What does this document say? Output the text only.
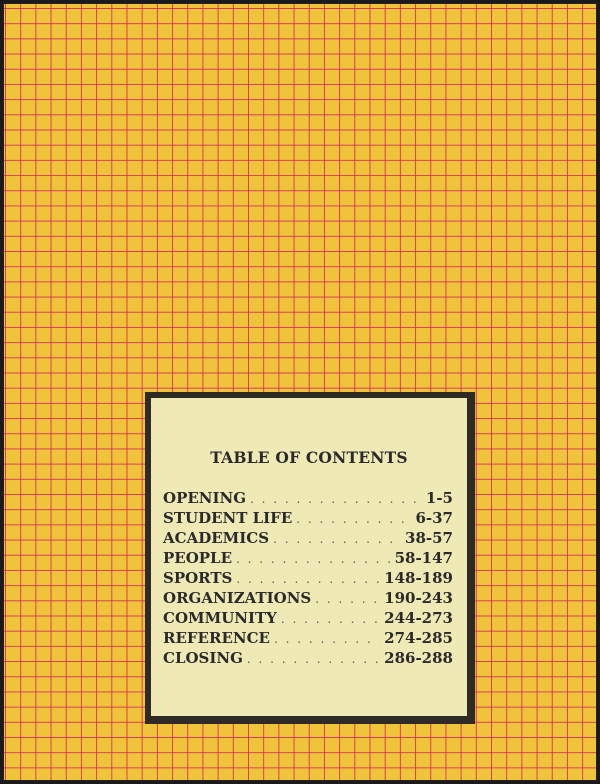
TABLE OF CONTENTS
OPENING . . .	1-5
STUDENT LIFE . . .	6-37
ACADEMICS . . .	38-57
PEOPLE . . .	58-147
SPORTS . . .	148-189
ORGANIZATIONS . . .	190-243
COMMUNITY . . .	244-273
REFERENCE . . .	274-285
CLOSING . . .	286-288
